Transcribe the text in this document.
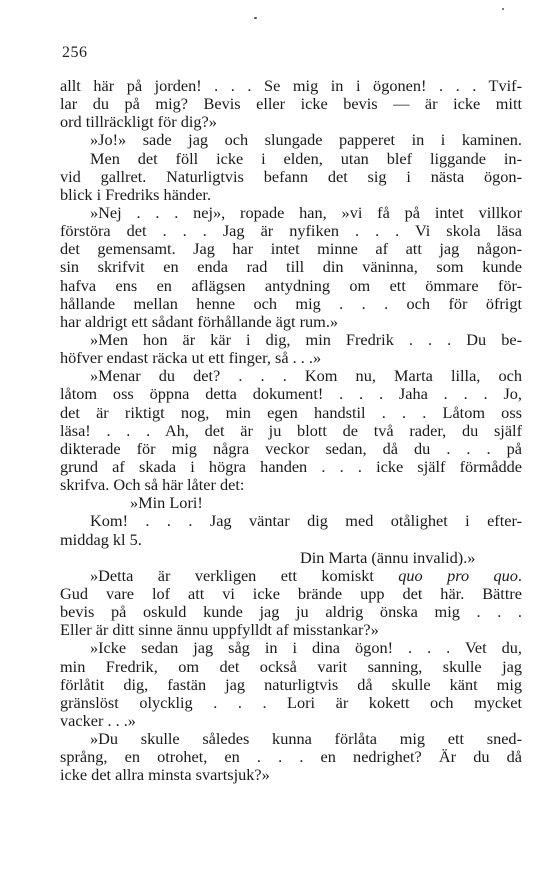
256
allt här på jorden! . . . Se mig in i ögonen! . . . Tvif-
lar du på mig? Bevis eller icke bevis — är icke mitt
ord tillräckligt för dig?»
»Jo!» sade jag och slungade papperet in i kaminen.
Men det föll icke i elden, utan blef liggande in-
vid gallret. Naturligtvis befann det sig i nästa ögon-
blick i Fredriks händer.
»Nej . . . nej», ropade han, »vi få på intet villkor
förstöra det . . . Jag är nyfiken . . . Vi skola läsa
det gemensamt. Jag har intet minne af att jag någon-
sin skrifvit en enda rad till din väninna, som kunde
hafva ens en aflägsen antydning om ett ömmare för-
hållande mellan henne och mig . . . och för öfrigt
har aldrigt ett sådant förhållande ägt rum.»
»Men hon är kär i dig, min Fredrik . . . Du be-
höfver endast räcka ut ett finger, så . . .»
»Menar du det? . . . Kom nu, Marta lilla, och
låtom oss öppna detta dokument! . . . Jaha . . . Jo,
det är riktigt nog, min egen handstil . . . Låtom oss
läsa! . . . Ah, det är ju blott de två rader, du själf
dikterade för mig några veckor sedan, då du . . . på
grund af skada i högra handen . . . icke själf förmådde
skrifva. Och så här låter det:
»Min Lori!
Kom! . . . Jag väntar dig med otålighet i efter-
middag kl 5.
Din Marta (ännu invalid).»
»Detta är verkligen ett komiskt quo pro quo.
Gud vare lof att vi icke brände upp det här. Bättre
bevis på oskuld kunde jag ju aldrig önska mig . . .
Eller är ditt sinne ännu uppfylldt af misstankar?»
»Icke sedan jag såg in i dina ögon! . . . Vet du,
min Fredrik, om det också varit sanning, skulle jag
förlåtit dig, fastän jag naturligtvis då skulle känt mig
gränslöst olycklig . . . Lori är kokett och mycket
vacker . . .»
»Du skulle således kunna förlåta mig ett sned-
språng, en otrohet, en . . . en nedrighet? Är du då
icke det allra minsta svartsjuk?»
